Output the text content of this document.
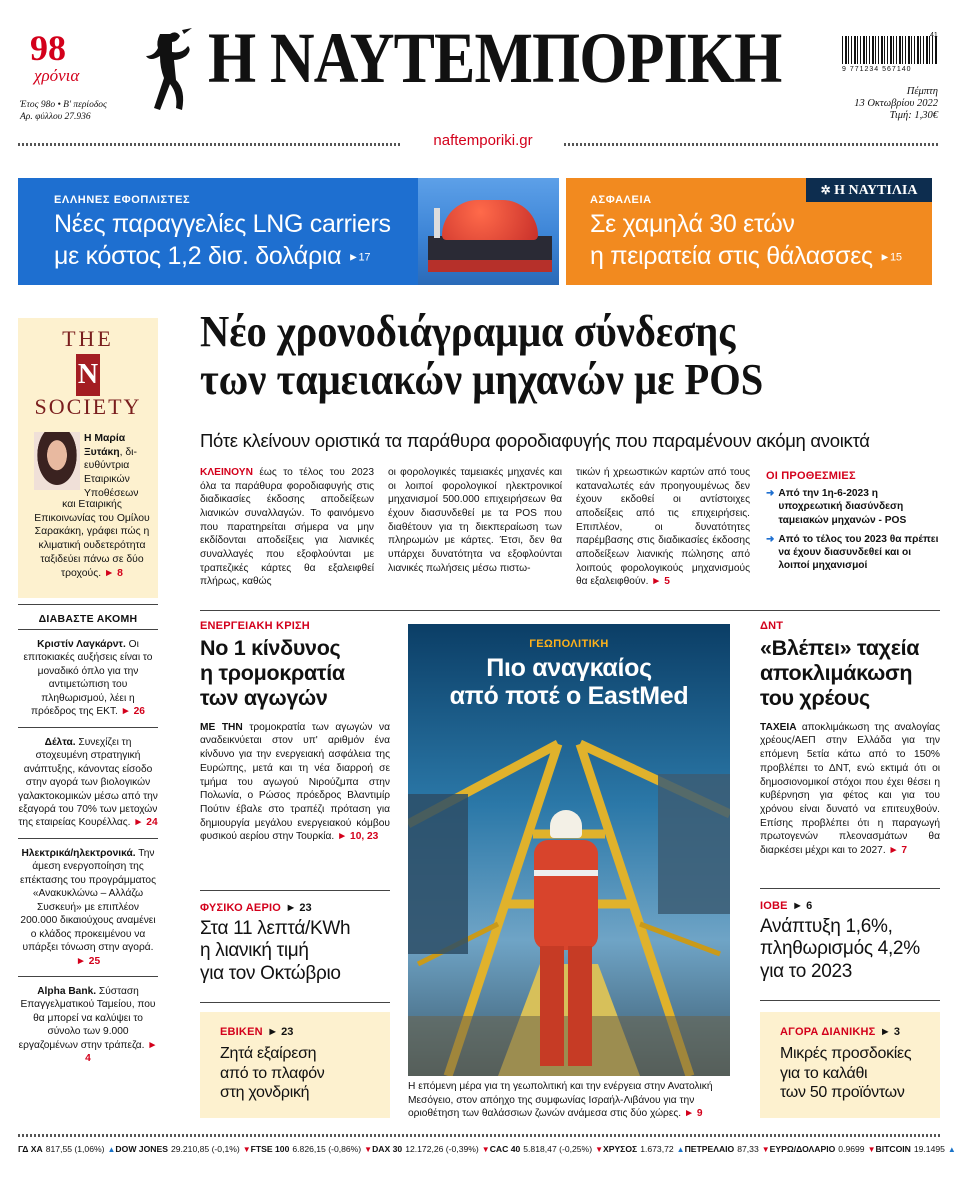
98
χρόνια
Έτος 98ο • Β' περίοδος
Αρ. φύλλου 27.936
Η ΝΑΥΤΕΜΠΟΡΙΚΗ
naftemporiki.gr
9 771234 567140
41
Πέμπτη
13 Οκτωβρίου 2022
Τιμή: 1,30€
ΕΛΛΗΝΕΣ ΕΦΟΠΛΙΣΤΕΣ
Νέες παραγγελίες LNG carriers
με κόστος 1,2 δισ. δολάρια ►17
✲ Η ΝΑΥΤΙΛΙΑ
ΑΣΦΑΛΕΙΑ
Σε χαμηλά 30 ετών
η πειρατεία στις θάλασσες ►15
THE
N
SOCIETY
Η Μαρία Ξυτάκη, δι-
ευθύντρια
Εταιρικών
Υποθέσεων
και Εταιρικής Επικοινωνίας του Ομίλου Σαρακάκη, γράφει πώς η κλιματική ουδετερότητα ταξιδεύει πάνω σε δύο τροχούς. ► 8
ΔΙΑΒΑΣΤΕ ΑΚΟΜΗ
Κριστίν Λαγκάρντ. Οι επιτοκιακές αυξήσεις είναι το μοναδικό όπλο για την αντιμετώπιση του πληθωρισμού, λέει η πρόεδρος της ΕΚΤ. ► 26
Δέλτα. Συνεχίζει τη στοχευμένη στρατηγική ανάπτυξης, κάνοντας είσοδο στην αγορά των βιολογικών γαλακτοκομικών μέσω από την εξαγορά του 70% των μετοχών της εταιρείας Κουρέλλας. ► 24
Ηλεκτρικά/ηλεκτρονικά. Την άμεση ενεργοποίηση της επέκτασης του προγράμματος «Ανακυκλώνω – Αλλάζω Συσκευή» με επιπλέον 200.000 δικαιούχους αναμένει ο κλάδος προκειμένου να υπάρξει τόνωση στην αγορά. ► 25
Alpha Bank. Σύσταση Επαγγελματικού Ταμείου, που θα μπορεί να καλύψει το σύνολο των 9.000 εργαζομένων στην τράπεζα. ► 4
Νέο χρονοδιάγραμμα σύνδεσης
των ταμειακών μηχανών με POS
Πότε κλείνουν οριστικά τα παράθυρα φοροδιαφυγής που παραμένουν ακόμη ανοικτά
ΚΛΕΙΝΟΥΝ έως το τέλος του 2023 όλα τα παράθυρα φοροδιαφυγής στις διαδικασίες έκδοσης αποδείξεων λιανικών συναλλαγών. Το φαινόμενο που παρατηρείται σήμερα να μην εκδίδονται αποδείξεις για λιανικές συναλλαγές που εξοφλούνται με τραπεζικές κάρτες θα εξαλειφθεί πλήρως, καθώς
οι φορολογικές ταμειακές μηχανές και οι λοιποί φορολογικοί ηλεκτρονικοί μηχανισμοί 500.000 επιχειρήσεων θα έχουν διασυνδεθεί με τα POS που διαθέτουν για τη διεκπεραίωση των πληρωμών με κάρτες. Έτσι, δεν θα υπάρχει δυνατότητα να εξοφλούνται λιανικές πωλήσεις μέσω πιστω-
τικών ή χρεωστικών καρτών από τους καταναλωτές εάν προηγουμένως δεν έχουν εκδοθεί οι αντίστοιχες αποδείξεις από τις επιχειρήσεις. Επιπλέον, οι δυνατότητες παρέμβασης στις διαδικασίες έκδοσης αποδείξεων λιανικής πώλησης από λοιπούς φορολογικούς μηχανισμούς θα εξαλειφθούν. ► 5
ΟΙ ΠΡΟΘΕΣΜΙΕΣ
➜ Από την 1η-6-2023 η υποχρεωτική διασύνδεση ταμειακών μηχανών - POS
➜ Από το τέλος του 2023 θα πρέπει να έχουν διασυνδεθεί και οι λοιποί μηχανισμοί
ΕΝΕΡΓΕΙΑΚΗ ΚΡΙΣΗ
Νο 1 κίνδυνος
η τρομοκρατία
των αγωγών
ΜΕ ΤΗΝ τρομοκρατία των αγωγών να αναδεικνύεται στον υπ' αριθμόν ένα κίνδυνο για την ενεργειακή ασφάλεια της Ευρώπης, μετά και τη νέα διαρροή σε τμήμα του αγωγού Νιρούζμπα στην Πολωνία, ο Ρώσος πρόεδρος Βλαντιμίρ Πούτιν έβαλε στο τραπέζι πρόταση για δημιουργία μεγάλου ενεργειακού κόμβου φυσικού αερίου στην Τουρκία. ► 10, 23
ΦΥΣΙΚΟ ΑΕΡΙΟ ► 23
Στα 11 λεπτά/KWh
η λιανική τιμή
για τον Οκτώβριο
ΕΒΙΚΕΝ ► 23
Ζητά εξαίρεση
από το πλαφόν
στη χονδρική
ΓΕΩΠΟΛΙΤΙΚΗ
Πιο αναγκαίος
από ποτέ ο EastMed
Η επόμενη μέρα για τη γεωπολιτική και την ενέργεια στην Ανατολική Μεσόγειο, στον απόηχο της συμφωνίας Ισραήλ-Λιβάνου για την οριοθέτηση των θαλάσσιων ζωνών ανάμεσα στις δύο χώρες. ► 9
ΔΝΤ
«Βλέπει» ταχεία
αποκλιμάκωση
του χρέους
ΤΑΧΕΙΑ αποκλιμάκωση της αναλογίας χρέους/ΑΕΠ στην Ελλάδα για την επόμενη 5ετία κάτω από το 150% προβλέπει το ΔΝΤ, ενώ εκτιμά ότι οι δημοσιονομικοί στόχοι που έχει θέσει η κυβέρνηση για φέτος και για του χρόνου είναι δυνατό να επιτευχθούν. Επίσης προβλέπει ότι η παραγωγή πρωτογενών πλεονασμάτων θα διαρκέσει μέχρι και το 2027. ► 7
ΙΟΒΕ ► 6
Ανάπτυξη 1,6%,
πληθωρισμός 4,2%
για το 2023
ΑΓΟΡΑ ΔΙΑΝΙΚΗΣ ► 3
Μικρές προσδοκίες
για το καλάθι
των 50 προϊόντων
ΓΔ ΧΑ 817,55 (1,06%) ▲ DOW JONES 29.210,85 (-0,1%) ▼ FTSE 100 6.826,15 (-0,86%) ▼ DAX 30 12.172,26 (-0,39%) ▼ CAC 40 5.818,47 (-0,25%) ▼ ΧΡΥΣΟΣ 1.673,72 ▲ ΠΕΤΡΕΛΑΙΟ 87,33 ▼ ΕΥΡΩ/ΔΟΛΑΡΙΟ 0.9699 ▼ BITCOIN 19.1495 ▲
